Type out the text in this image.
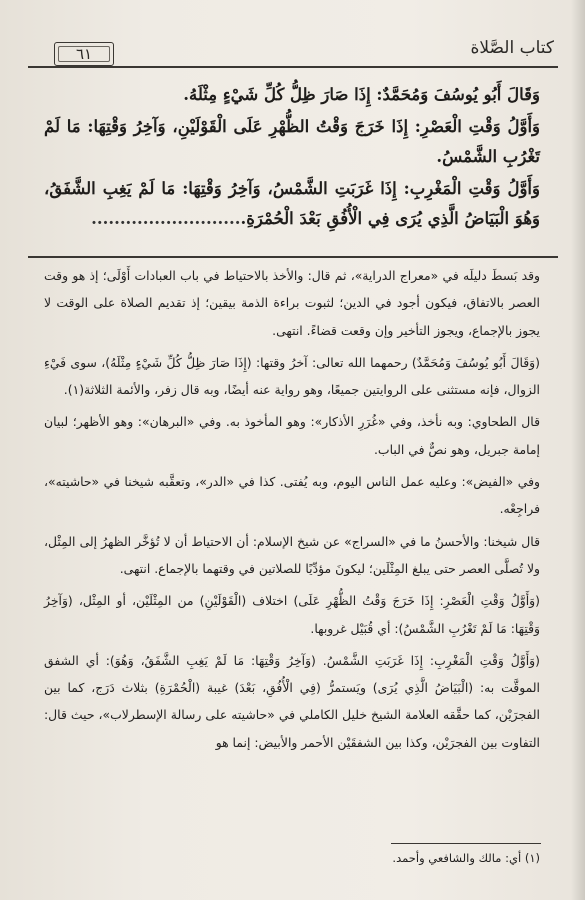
٦١	كتاب الصَّلاة

وَقَالَ أَبُو يُوسُفَ وَمُحَمَّدٌ: إِذَا صَارَ ظِلُّ كُلِّ شَيْءٍ مِثْلَهُ.

وَأَوَّلُ وَقْتِ الْعَصْرِ: إِذَا خَرَجَ وَقْتُ الظُّهْرِ عَلَى الْقَوْلَيْنِ، وَآخِرُ وَقْتِهَا: مَا لَمْ تَغْرُبِ الشَّمْسُ.

وَأَوَّلُ وَقْتِ الْمَغْرِبِ: إِذَا غَرَبَتِ الشَّمْسُ، وَآخِرُ وَقْتِهَا: مَا لَمْ يَغِبِ الشَّفَقُ، وَهُوَ الْبَيَاضُ الَّذِي يُرَى فِي الْأُفُقِ بَعْدَ الْحُمْرَةِ...........................

وقد بَسطَ دليلَه في «معراج الدراية»، ثم قال: والأخذ بالاحتياط في باب العبادات أَوْلَى؛ إذ هو وقت العصر بالاتفاق، فيكون أجود في الدين؛ لثبوت براءة الذمة بيقين؛ إذ تقديم الصلاة على الوقت لا يجوز بالإجماع، ويجوز التأخير وإن وقعت قضاءً. انتهى.

(وَقَالَ أَبُو يُوسُفَ وَمُحَمَّدٌ) رحمهما الله تعالى: آخرُ وقتها: (إِذَا صَارَ ظِلُّ كُلِّ شَيْءٍ مِثْلَهُ)، سوى فَيْءِ الزوال، فإنه مستثنى على الروايتين جميعًا، وهو رواية عنه أيضًا، وبه قال زفر، والأئمة الثلاثة(١).

قال الطحاوي: وبه نأخذ، وفي «غُرَرِ الأذكار»: وهو المأخوذ به. وفي «البرهان»: وهو الأظهر؛ لبيان إمامة جبريل، وهو نصٌّ في الباب.

وفي «الفيض»: وعليه عمل الناس اليوم، وبه يُفتى. كذا في «الدر»، وتعقَّبه شيخنا في «حاشيته»، فراجِعْه.

قال شيخنا: والأحسنُ ما في «السراج» عن شيخ الإسلام: أن الاحتياط أن لا تُؤخَّر الظهرُ إلى المِثْل، ولا تُصلَّى العصر حتى يبلغ المِثْلَين؛ ليكونَ مؤدِّيًا للصلاتين في وقتهما بالإجماع. انتهى.

(وَأَوَّلُ وَقْتِ الْعَصْرِ: إِذَا خَرَجَ وَقْتُ الظُّهْرِ عَلَى) اختلاف (الْقَوْلَيْنِ) من المِثْلَيْن، أو المِثْل، (وَآخِرُ وَقْتِهَا: مَا لَمْ تَغْرُبِ الشَّمْسُ): أي قُبَيْل غروبها.

(وَأَوَّلُ وَقْتِ الْمَغْرِبِ: إِذَا غَرَبَتِ الشَّمْسُ. (وَآخِرُ وَقْتِهَا: مَا لَمْ يَغِبِ الشَّفَقُ، وَهُوَ): أي الشفق الموقَّت به: (الْبَيَاضُ الَّذِي يُرَى) ويَستمرُّ (فِي الْأُفُقِ، بَعْدَ) غيبة (الْحُمْرَةِ) بثلاث دَرَج، كما بين الفجرَيْن، كما حقَّقه العلامة الشيخ خليل الكاملي في «حاشيته على رسالة الإسطرلاب»، حيث قال: التفاوت بين الفجرَيْن، وكذا بين الشفقَيْن الأحمر والأبيض: إنما هو

(١) أي: مالك والشافعي وأحمد.
